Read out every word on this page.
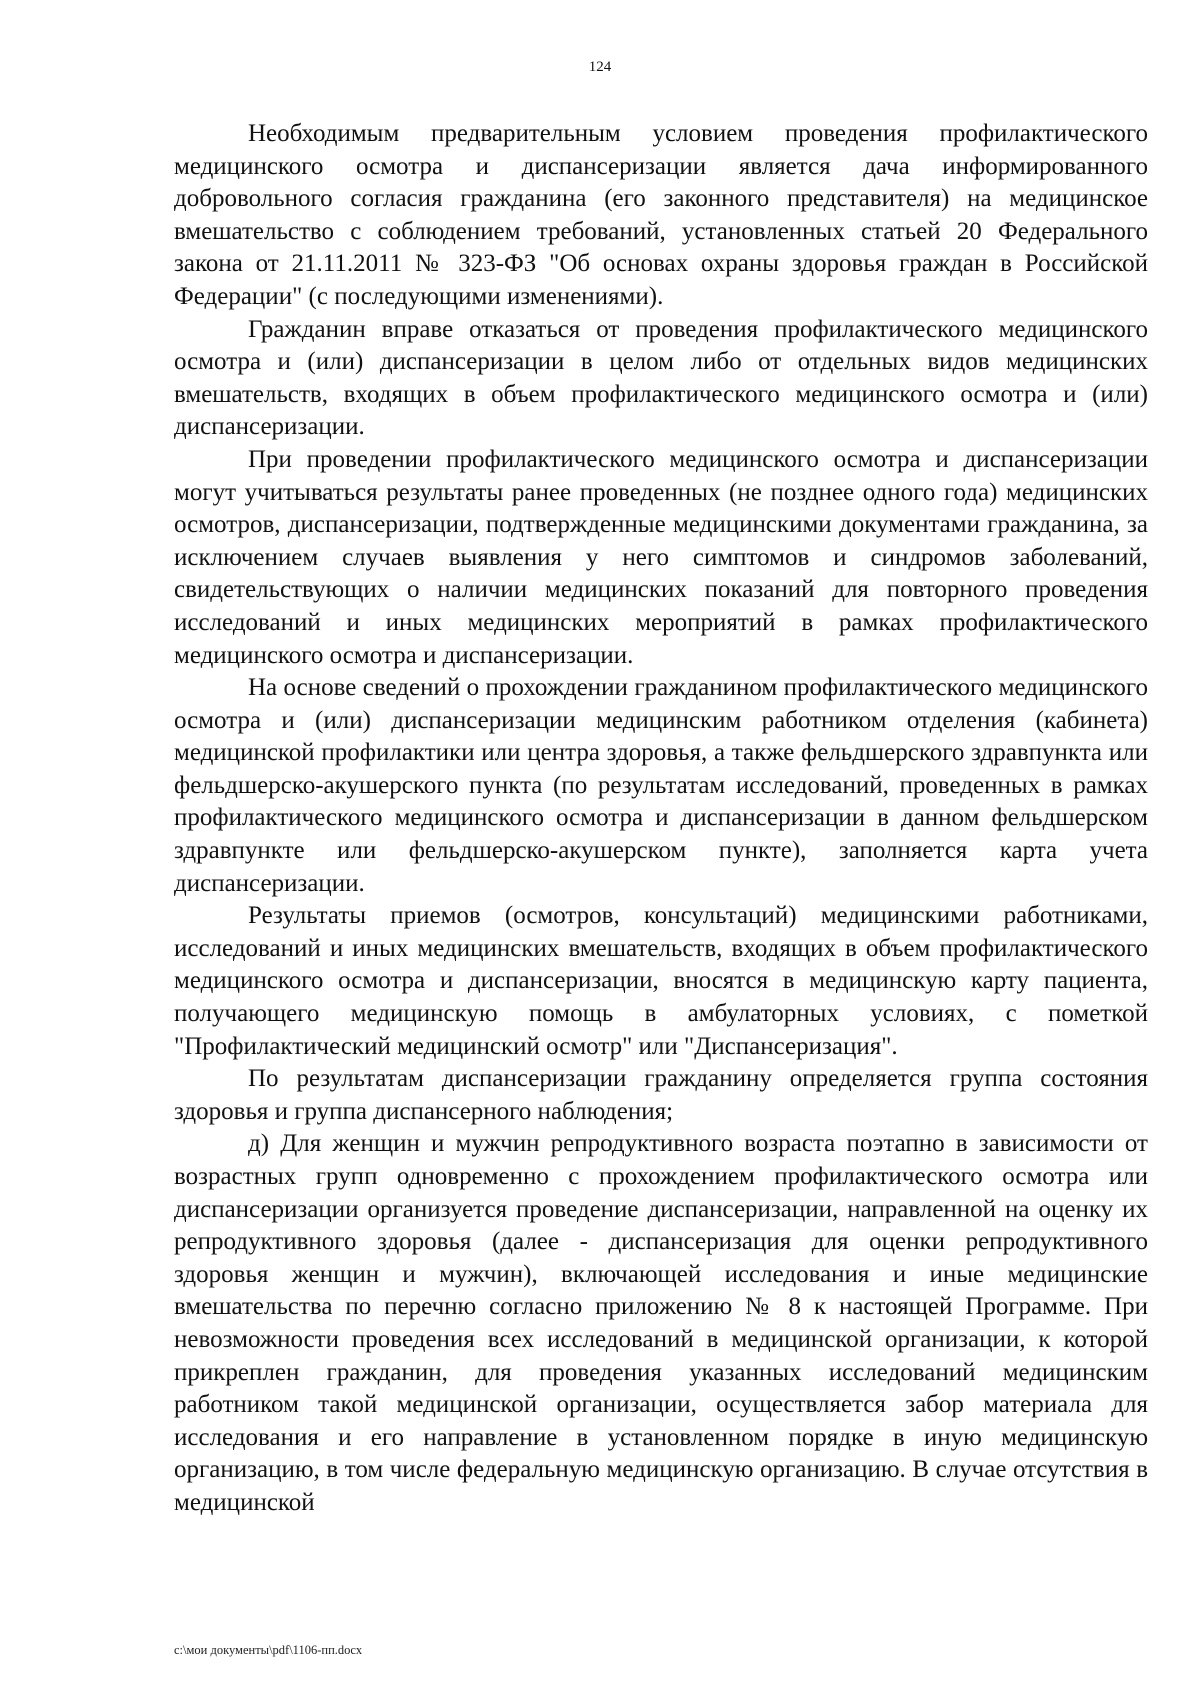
124

Необходимым предварительным условием проведения профилактического медицинского осмотра и диспансеризации является дача информированного добровольного согласия гражданина (его законного представителя) на медицинское вмешательство с соблюдением требований, установленных статьей 20 Федерального закона от 21.11.2011 № 323-ФЗ "Об основах охраны здоровья граждан в Российской Федерации" (с последующими изменениями).

Гражданин вправе отказаться от проведения профилактического медицинского осмотра и (или) диспансеризации в целом либо от отдельных видов медицинских вмешательств, входящих в объем профилактического медицинского осмотра и (или) диспансеризации.

При проведении профилактического медицинского осмотра и диспансеризации могут учитываться результаты ранее проведенных (не позднее одного года) медицинских осмотров, диспансеризации, подтвержденные медицинскими документами гражданина, за исключением случаев выявления у него симптомов и синдромов заболеваний, свидетельствующих о наличии медицинских показаний для повторного проведения исследований и иных медицинских мероприятий в рамках профилактического медицинского осмотра и диспансеризации.

На основе сведений о прохождении гражданином профилактического медицинского осмотра и (или) диспансеризации медицинским работником отделения (кабинета) медицинской профилактики или центра здоровья, а также фельдшерского здравпункта или фельдшерско-акушерского пункта (по результатам исследований, проведенных в рамках профилактического медицинского осмотра и диспансеризации в данном фельдшерском здравпункте или фельдшерско-акушерском пункте), заполняется карта учета диспансеризации.

Результаты приемов (осмотров, консультаций) медицинскими работниками, исследований и иных медицинских вмешательств, входящих в объем профилактического медицинского осмотра и диспансеризации, вносятся в медицинскую карту пациента, получающего медицинскую помощь в амбулаторных условиях, с пометкой "Профилактический медицинский осмотр" или "Диспансеризация".

По результатам диспансеризации гражданину определяется группа состояния здоровья и группа диспансерного наблюдения;

д) Для женщин и мужчин репродуктивного возраста поэтапно в зависимости от возрастных групп одновременно с прохождением профилактического осмотра или диспансеризации организуется проведение диспансеризации, направленной на оценку их репродуктивного здоровья (далее - диспансеризация для оценки репродуктивного здоровья женщин и мужчин), включающей исследования и иные медицинские вмешательства по перечню согласно приложению № 8 к настоящей Программе. При невозможности проведения всех исследований в медицинской организации, к которой прикреплен гражданин, для проведения указанных исследований медицинским работником такой медицинской организации, осуществляется забор материала для исследования и его направление в установленном порядке в иную медицинскую организацию, в том числе федеральную медицинскую организацию. В случае отсутствия в медицинской

c:\мои документы\pdf\1106-пп.docx
